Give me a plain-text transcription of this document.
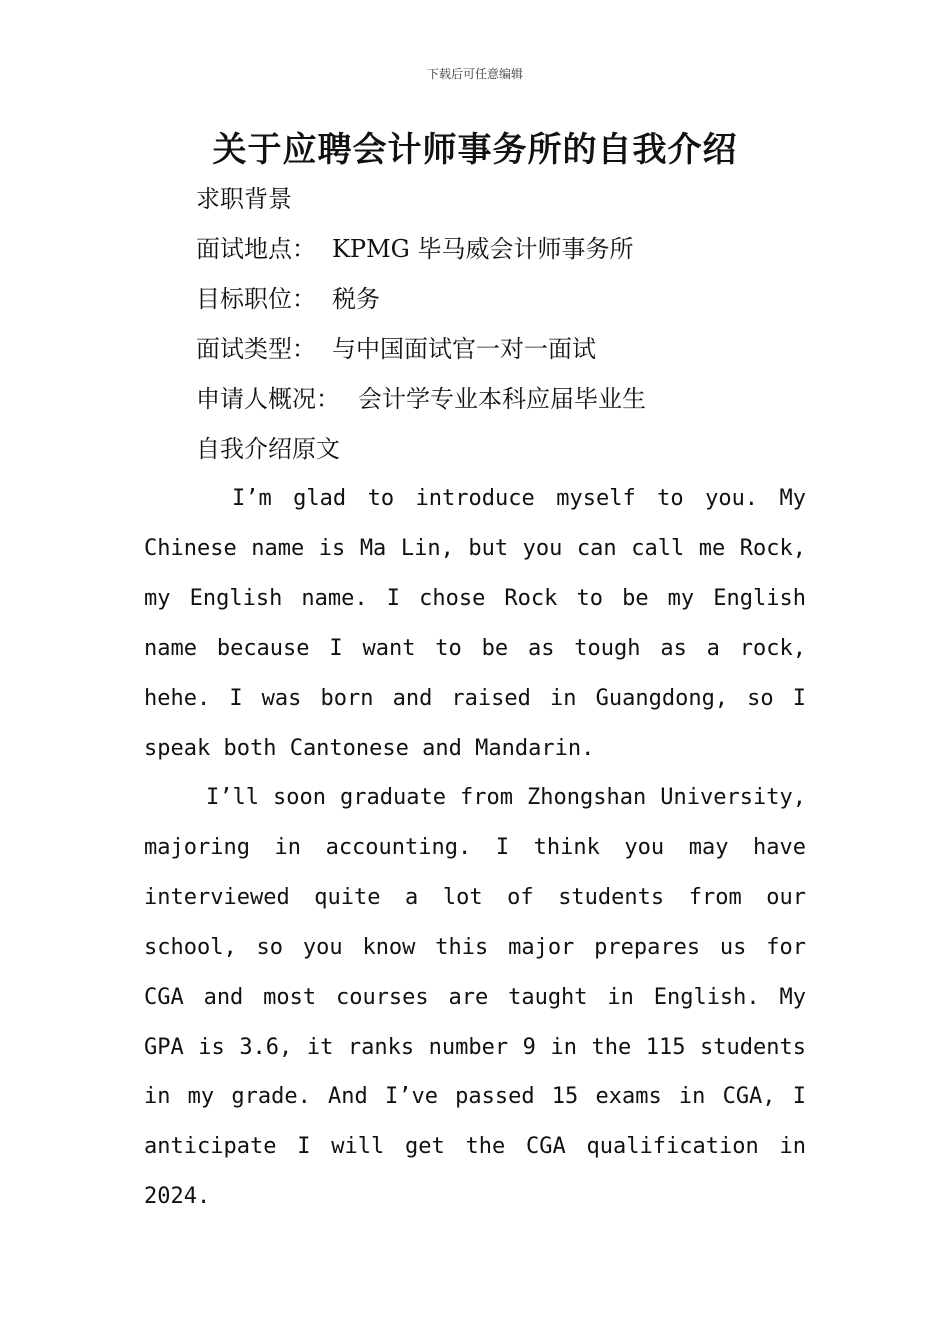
下载后可任意编辑
关于应聘会计师事务所的自我介绍

求职背景

面试地点： KPMG 毕马威会计师事务所

目标职位： 税务

面试类型： 与中国面试官一对一面试

申请人概况： 会计学专业本科应届毕业生

自我介绍原文

I’m glad to introduce myself to you. My Chinese name is Ma Lin, but you can call me Rock, my English name. I chose Rock to be my English name because I want to be as tough as a rock, hehe. I was born and raised in Guangdong, so I speak both Cantonese and Mandarin.

I’ll soon graduate from Zhongshan University, majoring in accounting. I think you may have interviewed quite a lot of students from our school, so you know this major prepares us for CGA and most courses are taught in English. My GPA is 3.6, it ranks number 9 in the 115 students in my grade. And I’ve passed 15 exams in CGA, I anticipate I will get the CGA qualification in 2024.
